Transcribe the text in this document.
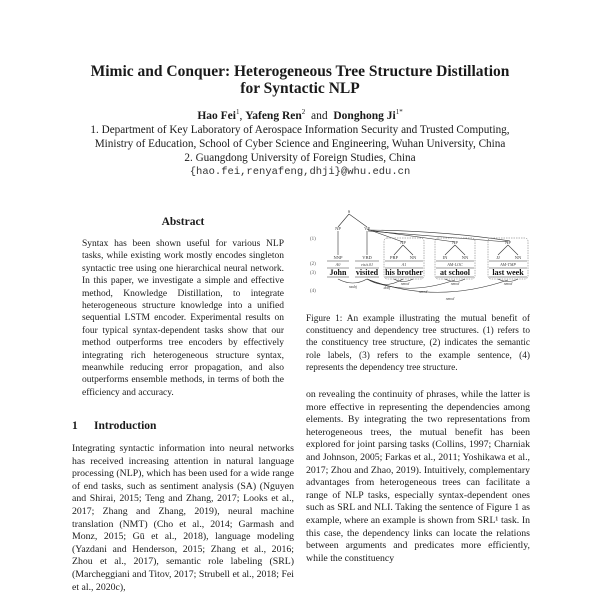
Mimic and Conquer: Heterogeneous Tree Structure Distillation
for Syntactic NLP
Hao Fei$^1$, Yafeng Ren$^2$ and Donghong $Ji^{1*}$
1. Department of Key Laboratory of Aerospace Information Security and Trusted Computing,
Ministry of Education, School of Cyber Science and Engineering, Wuhan University, China
2. Guangdong University of Foreign Studies, China
{hao.fei,renyafeng,dhji}@whu.edu.cn
Abstract
Syntax has been shown useful for various NLP tasks, while existing work mostly encodes singleton syntactic tree using one hierarchical neural network. In this paper, we investigate a simple and effective method, Knowledge Distillation, to integrate heterogeneous structure knowledge into a unified sequential LSTM encoder. Experimental results on four typical syntax-dependent tasks show that our method outperforms tree encoders by effectively integrating rich heterogeneous structure syntax, meanwhile reducing error propagation, and also outperforms ensemble methods, in terms of both the efficiency and accuracy.
1 Introduction
Integrating syntactic information into neural networks has received increasing attention in natural language processing (NLP), which has been used for a wide range of end tasks, such as sentiment analysis (SA) (Nguyen and Shirai, 2015; Teng and Zhang, 2017; Looks et al., 2017; Zhang and Zhang, 2019), neural machine translation (NMT) (Cho et al., 2014; Garmash and Monz, 2015; Gū et al., 2018), language modeling (Yazdani and Henderson, 2015; Zhang et al., 2016; Zhou et al., 2017), semantic role labeling (SRL) (Marcheggiani and Titov, 2017; Strubell et al., 2018; Fei et al., 2020c),
(1)
(2)
(3)
(4)
S
NP	VP
NP	NP	NP
NNP	VBD	PRP	NN	IN	NN	JJ	NN
A0	visit.01	A1	AM-LOC	AM-TMP
John visited his brother at school	last week
nsubj	dobj
nmod	nmod	nmod
nmod
nmod
Figure 1: An example illustrating the mutual benefit of constituency and dependency tree structures. (1) refers to the constituency tree structure, (2) indicates the semantic role labels, (3) refers to the example sentence, (4) represents the dependency tree structure.
on revealing the continuity of phrases, while the latter is more effective in representing the dependencies among elements. By integrating the two representations from heterogeneous trees, the mutual benefit has been explored for joint parsing tasks (Collins, 1997; Charniak and Johnson, 2005; Farkas et al., 2011; Yoshikawa et al., 2017; Zhou and Zhao, 2019). Intuitively, complementary advantages from heterogeneous trees can facilitate a range of NLP tasks, especially syntax-dependent ones such as SRL and NLI. Taking the sentence of Figure 1 as example, where an example is shown from SRL¹ task. In this case, the dependency links can locate the relations between arguments and predicates more efficiently, while the constituency
